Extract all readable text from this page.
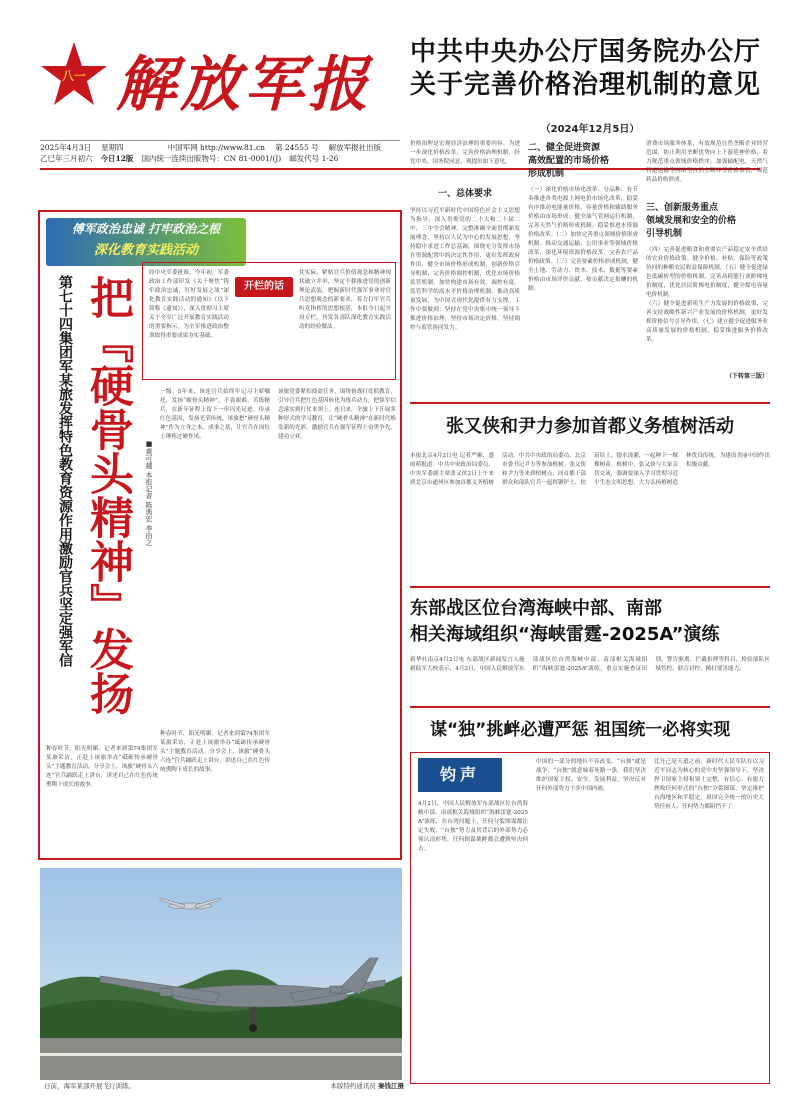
八一 解放军报
2025年4月3日 星期四	中国军网 http://www.81.cn 第 24555 号 解放军报社出版
乙巳年三月初六 今日12版 国内统一连续出版物号：CN 81-0001/(J) 邮发代号 1-26
中共中央办公厅国务院办公厅
关于完善价格治理机制的意见
（2024年12月5日）
价格治理是宏观经济治理的重要内容。为进一步深化价格改革，完善价格治理机制，经党中央、国务院同意，现提出如下意见。
一、总体要求
坚持以习近平新时代中国特色社会主义思想为指导，深入贯彻党的二十大和二十届二中、三中全会精神，完整准确全面贯彻新发展理念，坚持以人民为中心的发展思想，坚持稳中求进工作总基调，围绕充分发挥市场在资源配置中的决定性作用、更好发挥政府作用，健全市场价格形成机制，创新价格引导机制，完善价格调控机制，优化市场价格监管机制，加快构建市场有效、调控有度、监管科学的高水平价格治理机制，推动高质量发展，为中国式现代化提供有力支撑。工作中要做到：坚持在党中央集中统一领导下推进价格治理，坚持市场决定价格，坚持调控与监管协同发力。
二、健全促进资源
高效配置的市场价格
形成机制
（一）深化价格市场化改革。分品种、有节奏推进各类电源上网电价市场化改革，稳妥有序推动电能量价格、容量价格和辅助服务价格由市场形成。健全油气管网运行机制，完善天然气价格形成机制。稳妥推进水资源价格改革。（二）加快完善重点领域价格形成机制。推动交通运输、公用事业等领域价格改革，深化环境资源价格改革，完善农产品价格政策。（三）完善要素价格形成机制，健全土地、劳动力、资本、技术、数据等要素价格由市场评价贡献、按贡献决定报酬的机制。
消费市场服务体系，有效规范自然垄断企业经营范围，防止利用垄断优势向上下游延伸价格，着力规范重点领域价格秩序。加强输配电、天然气管道运输等网络型自然垄断环节价格监管，规范药品价格形成。
三、创新服务重点
领域发展和安全的价格
引导机制
（四）完善促进粮食和重要农产品稳定安全供给的农业价格政策。健全价格、补贴、保险等政策协同的种粮农民收益保障机制。（五）健全促进绿色低碳转型的价格机制，完善高耗能行业阶梯电价制度，优化居民阶梯电价制度，健全煤电容量电价机制。
（六）健全促进新质生产力发展的价格政策，完善支持战略性新兴产业发展的价格机制，更好发挥价格信号引导作用。（七）建立健全促进服务业高质量发展的价格机制，稳妥推进服务价格改革。
（下转第三版）
傅军政治忠诚 打牢政治之根
深化教育实践活动
第七十四集团军某旅发挥特色教育资源作用激励官兵坚定强军信
把『硬骨头精神』发扬
■黄可越 本报记者 陈典宏 李由之
经中央军委批准，今年初，军委政治工作部印发《关于聚焦“铸牢政治忠诚，打好发展之战”深化教育实践活动的通知》（以下简称《通知》），深入贯彻习主席关于全军广泛开展教育实践活动的重要指示，为全军推进政治整训取得重要成果夯实基础。
开栏的话
仗实际，紧贴官兵价值观念和精神现状破立并举，坚定不移推进党的创新理论武装，把握新时代强军事业对官兵思想观念的新要求，着力打牢官兵听党指挥的思想根基，本报今日起开设专栏，刊发各部队深化教育实践活动的经验做法。
一级。5年来，该连官兵始终牢记习主席嘱托，发扬“硬骨头精神”，不畏艰难、苦练精兵，在新年征程上留下一串闪光足迹。传承红色基因，发扬光荣传统，该旅把“硬骨头精神”作为立身之本、成事之基，让官兵在岗位上锤炼过硬作风。
该旅党委紧扣使命任务，围绕备战打仗抓教育，引导官兵把红色基因转化为练兵动力，把强军信念落实到打仗本领上。连日来，全旅上下开展多种形式的学习教育，让“硬骨头精神”在新时代焕发新的光彩，激励官兵在强军征程上奋勇争先、建功立业。
种春时节，阳光明媚。记者来到第74集团军某旅采访，正赶上该旅举办“砥砺传承硬骨头”主题教育活动。分享会上，该旅“硬骨头六连”官兵踊跃走上讲台，讲述自己在红色传统熏陶下成长的故事。
种春时节，阳光明媚。记者来到第74集团军某旅采访，正赶上该旅举办“砥砺传承硬骨头”主题教育活动。分享会上，该旅“硬骨头六连”官兵踊跃走上讲台，讲述自己在红色传统熏陶下成长的故事。
日前，海军某部开展飞行训练。	本版特约通讯员 秦钱江摄
张又侠和尹力参加首都义务植树活动
本报北京4月2日电 记者严顺、盛雨萌报道：中共中央政治局委员、中央军委副主席张又侠2日上午来到北京市通州区参加首都义务植树活动。中共中央政治局委员、北京市委书记尹力等参加植树。张又侠和尹力等来到植树点，同首都干部群众和部队官兵一起挥锹铲土、扶苗培土、提水浇灌，一起种下一棵棵树苗。植树中，张又侠与大家亲切交流，强调要深入学习贯彻习近平生态文明思想，大力弘扬植树造林优良传统，为建设美丽中国作出积极贡献。
东部战区位台湾海峡中部、南部
相关海域组织“海峡雷霆-2025A”演练
新华社南京4月2日电 东部战区新闻发言人施毅陆军大校表示，4月2日，中国人民解放军东部战区位台湾海峡中部、南部相关海域组织“海峡雷霆-2025A”演练，重点实施查证识别、警告驱离、拦截扣押等科目，检验部队区域管控、联合封控、精打要害能力。
谋“独”挑衅必遭严惩 祖国统一必将实现
钧声
4月2日，中国人民解放军东部战区位台湾海峡中部、南部相关海域组织“海峡雷霆-2025A”演练，在台湾问题上，任何分裂图谋都注定失败，“台独”势力及其背后的外部势力必须认清形势，任何图谋挑衅都会遭到坚决回击。
中国的一部分的地位不容改变。“台独”就是战争，“台独”就意味着死路一条。我们坚决维护国家主权、安全、发展利益，坚决反对任何外部势力干涉中国内政。
比开己是天道之前，新时代人民军队在以习近平同志为核心的党中央坚强领导下，坚决捍卫国家主权和领土完整，有信心、有能力挫败任何形式的“台独”分裂图谋，坚定维护台海地区和平稳定，祖国完全统一的历史大势任何人、任何势力都阻挡不了。
